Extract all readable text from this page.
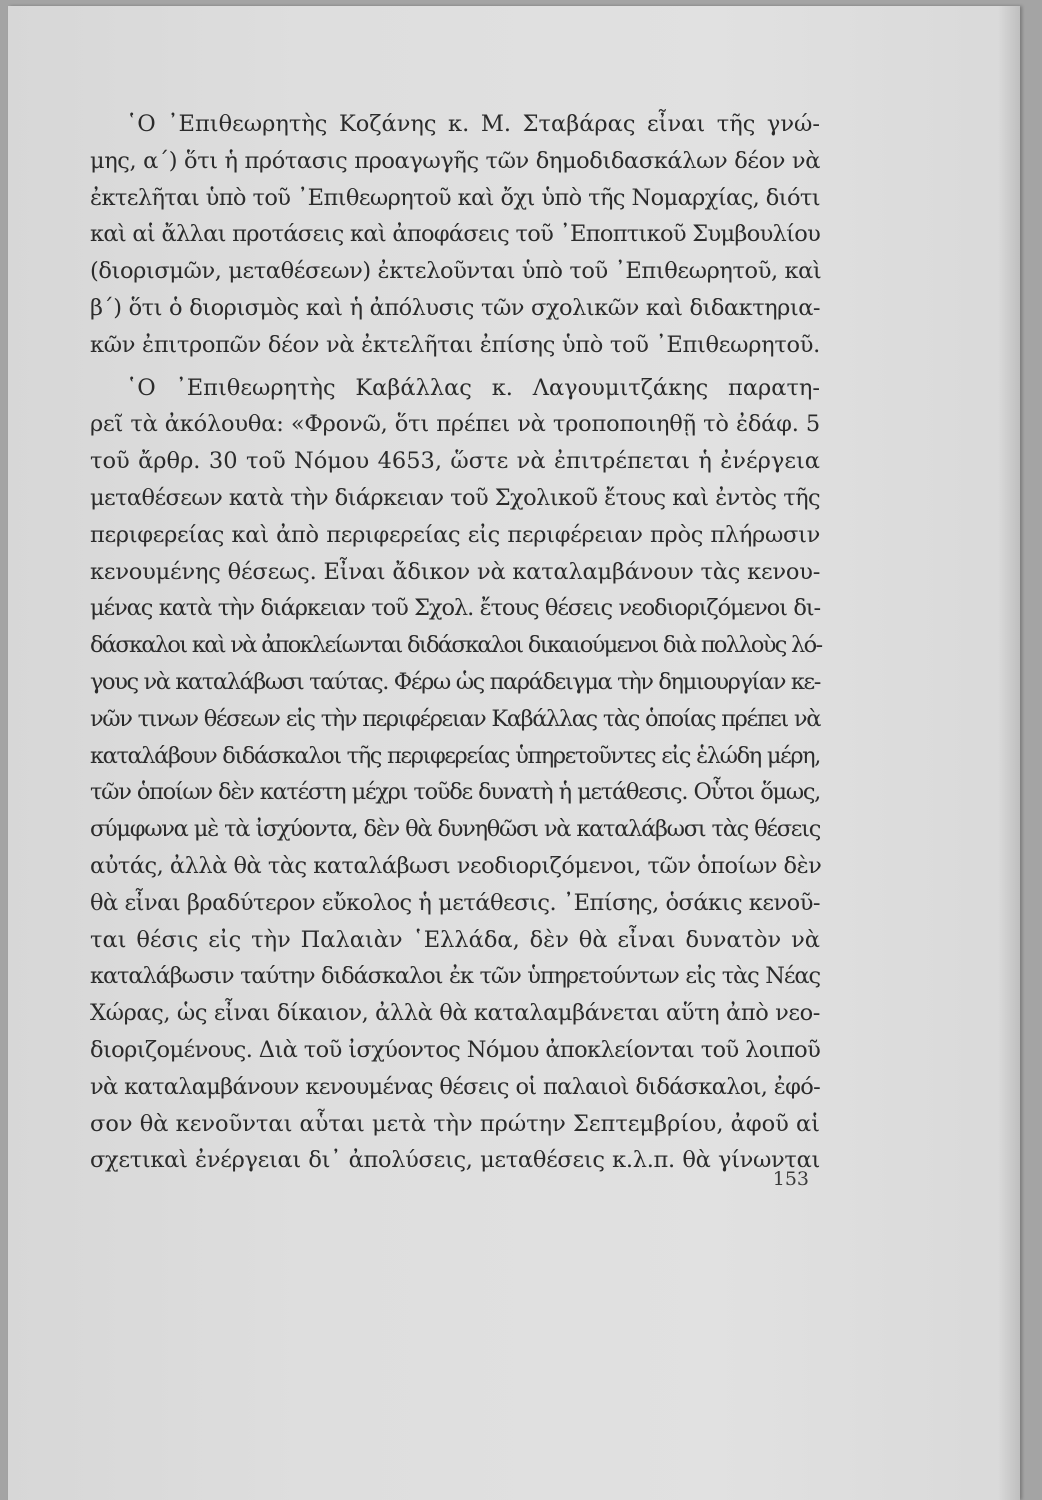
῾Ο ᾿Επιθεωρητὴς Κοζάνης κ. Μ. Σταβάρας εἶναι τῆς γνώ-
μης, α΄) ὅτι ἡ πρότασις προαγωγῆς τῶν δημοδιδασκάλων δέον νὰ
ἐκτελῆται ὑπὸ τοῦ ᾿Επιθεωρητοῦ καὶ ὄχι ὑπὸ τῆς Νομαρχίας, διότι
καὶ αἱ ἄλλαι προτάσεις καὶ ἀποφάσεις τοῦ ᾿Εποπτικοῦ Συμβουλίου
(διορισμῶν, μεταθέσεων) ἐκτελοῦνται ὑπὸ τοῦ ᾿Επιθεωρητοῦ, καὶ
β΄) ὅτι ὁ διορισμὸς καὶ ἡ ἀπόλυσις τῶν σχολικῶν καὶ διδακτηρια-
κῶν ἐπιτροπῶν δέον νὰ ἐκτελῆται ἐπίσης ὑπὸ τοῦ ᾿Επιθεωρητοῦ.
῾Ο ᾿Επιθεωρητὴς Καβάλλας κ. Λαγουμιτζάκης παρατη-
ρεῖ τὰ ἀκόλουθα: «Φρονῶ, ὅτι πρέπει νὰ τροποποιηθῇ τὸ ἐδάφ. 5
τοῦ ἄρθρ. 30 τοῦ Νόμου 4653, ὥστε νὰ ἐπιτρέπεται ἡ ἐνέργεια
μεταθέσεων κατὰ τὴν διάρκειαν τοῦ Σχολικοῦ ἔτους καὶ ἐντὸς τῆς
περιφερείας καὶ ἀπὸ περιφερείας εἰς περιφέρειαν πρὸς πλήρωσιν
κενουμένης θέσεως. Εἶναι ἄδικον νὰ καταλαμβάνουν τὰς κενου-
μένας κατὰ τὴν διάρκειαν τοῦ Σχολ. ἔτους θέσεις νεοδιοριζόμενοι δι-
δάσκαλοι καὶ νὰ ἀποκλείωνται διδάσκαλοι δικαιούμενοι διὰ πολλοὺς λό-
γους νὰ καταλάβωσι ταύτας. Φέρω ὡς παράδειγμα τὴν δημιουργίαν κε-
νῶν τινων θέσεων εἰς τὴν περιφέρειαν Καβάλλας τὰς ὁποίας πρέπει νὰ
καταλάβουν διδάσκαλοι τῆς περιφερείας ὑπηρετοῦντες εἰς ἑλώδη μέρη,
τῶν ὁποίων δὲν κατέστη μέχρι τοῦδε δυνατὴ ἡ μετάθεσις. Οὗτοι ὅμως,
σύμφωνα μὲ τὰ ἰσχύοντα, δὲν θὰ δυνηθῶσι νὰ καταλάβωσι τὰς θέσεις
αὐτάς, ἀλλὰ θὰ τὰς καταλάβωσι νεοδιοριζόμενοι, τῶν ὁποίων δὲν
θὰ εἶναι βραδύτερον εὔκολος ἡ μετάθεσις. ᾿Επίσης, ὁσάκις κενοῦ-
ται θέσις εἰς τὴν Παλαιὰν ῾Ελλάδα, δὲν θὰ εἶναι δυνατὸν νὰ
καταλάβωσιν ταύτην διδάσκαλοι ἐκ τῶν ὑπηρετούντων εἰς τὰς Νέας
Χώρας, ὡς εἶναι δίκαιον, ἀλλὰ θὰ καταλαμβάνεται αὕτη ἀπὸ νεο-
διοριζομένους. Διὰ τοῦ ἰσχύοντος Νόμου ἀποκλείονται τοῦ λοιποῦ
νὰ καταλαμβάνουν κενουμένας θέσεις οἱ παλαιοὶ διδάσκαλοι, ἐφό-
σον θὰ κενοῦνται αὗται μετὰ τὴν πρώτην Σεπτεμβρίου, ἀφοῦ αἱ
σχετικαὶ ἐνέργειαι δι᾿ ἀπολύσεις, μεταθέσεις κ.λ.π. θὰ γίνωνται
153
